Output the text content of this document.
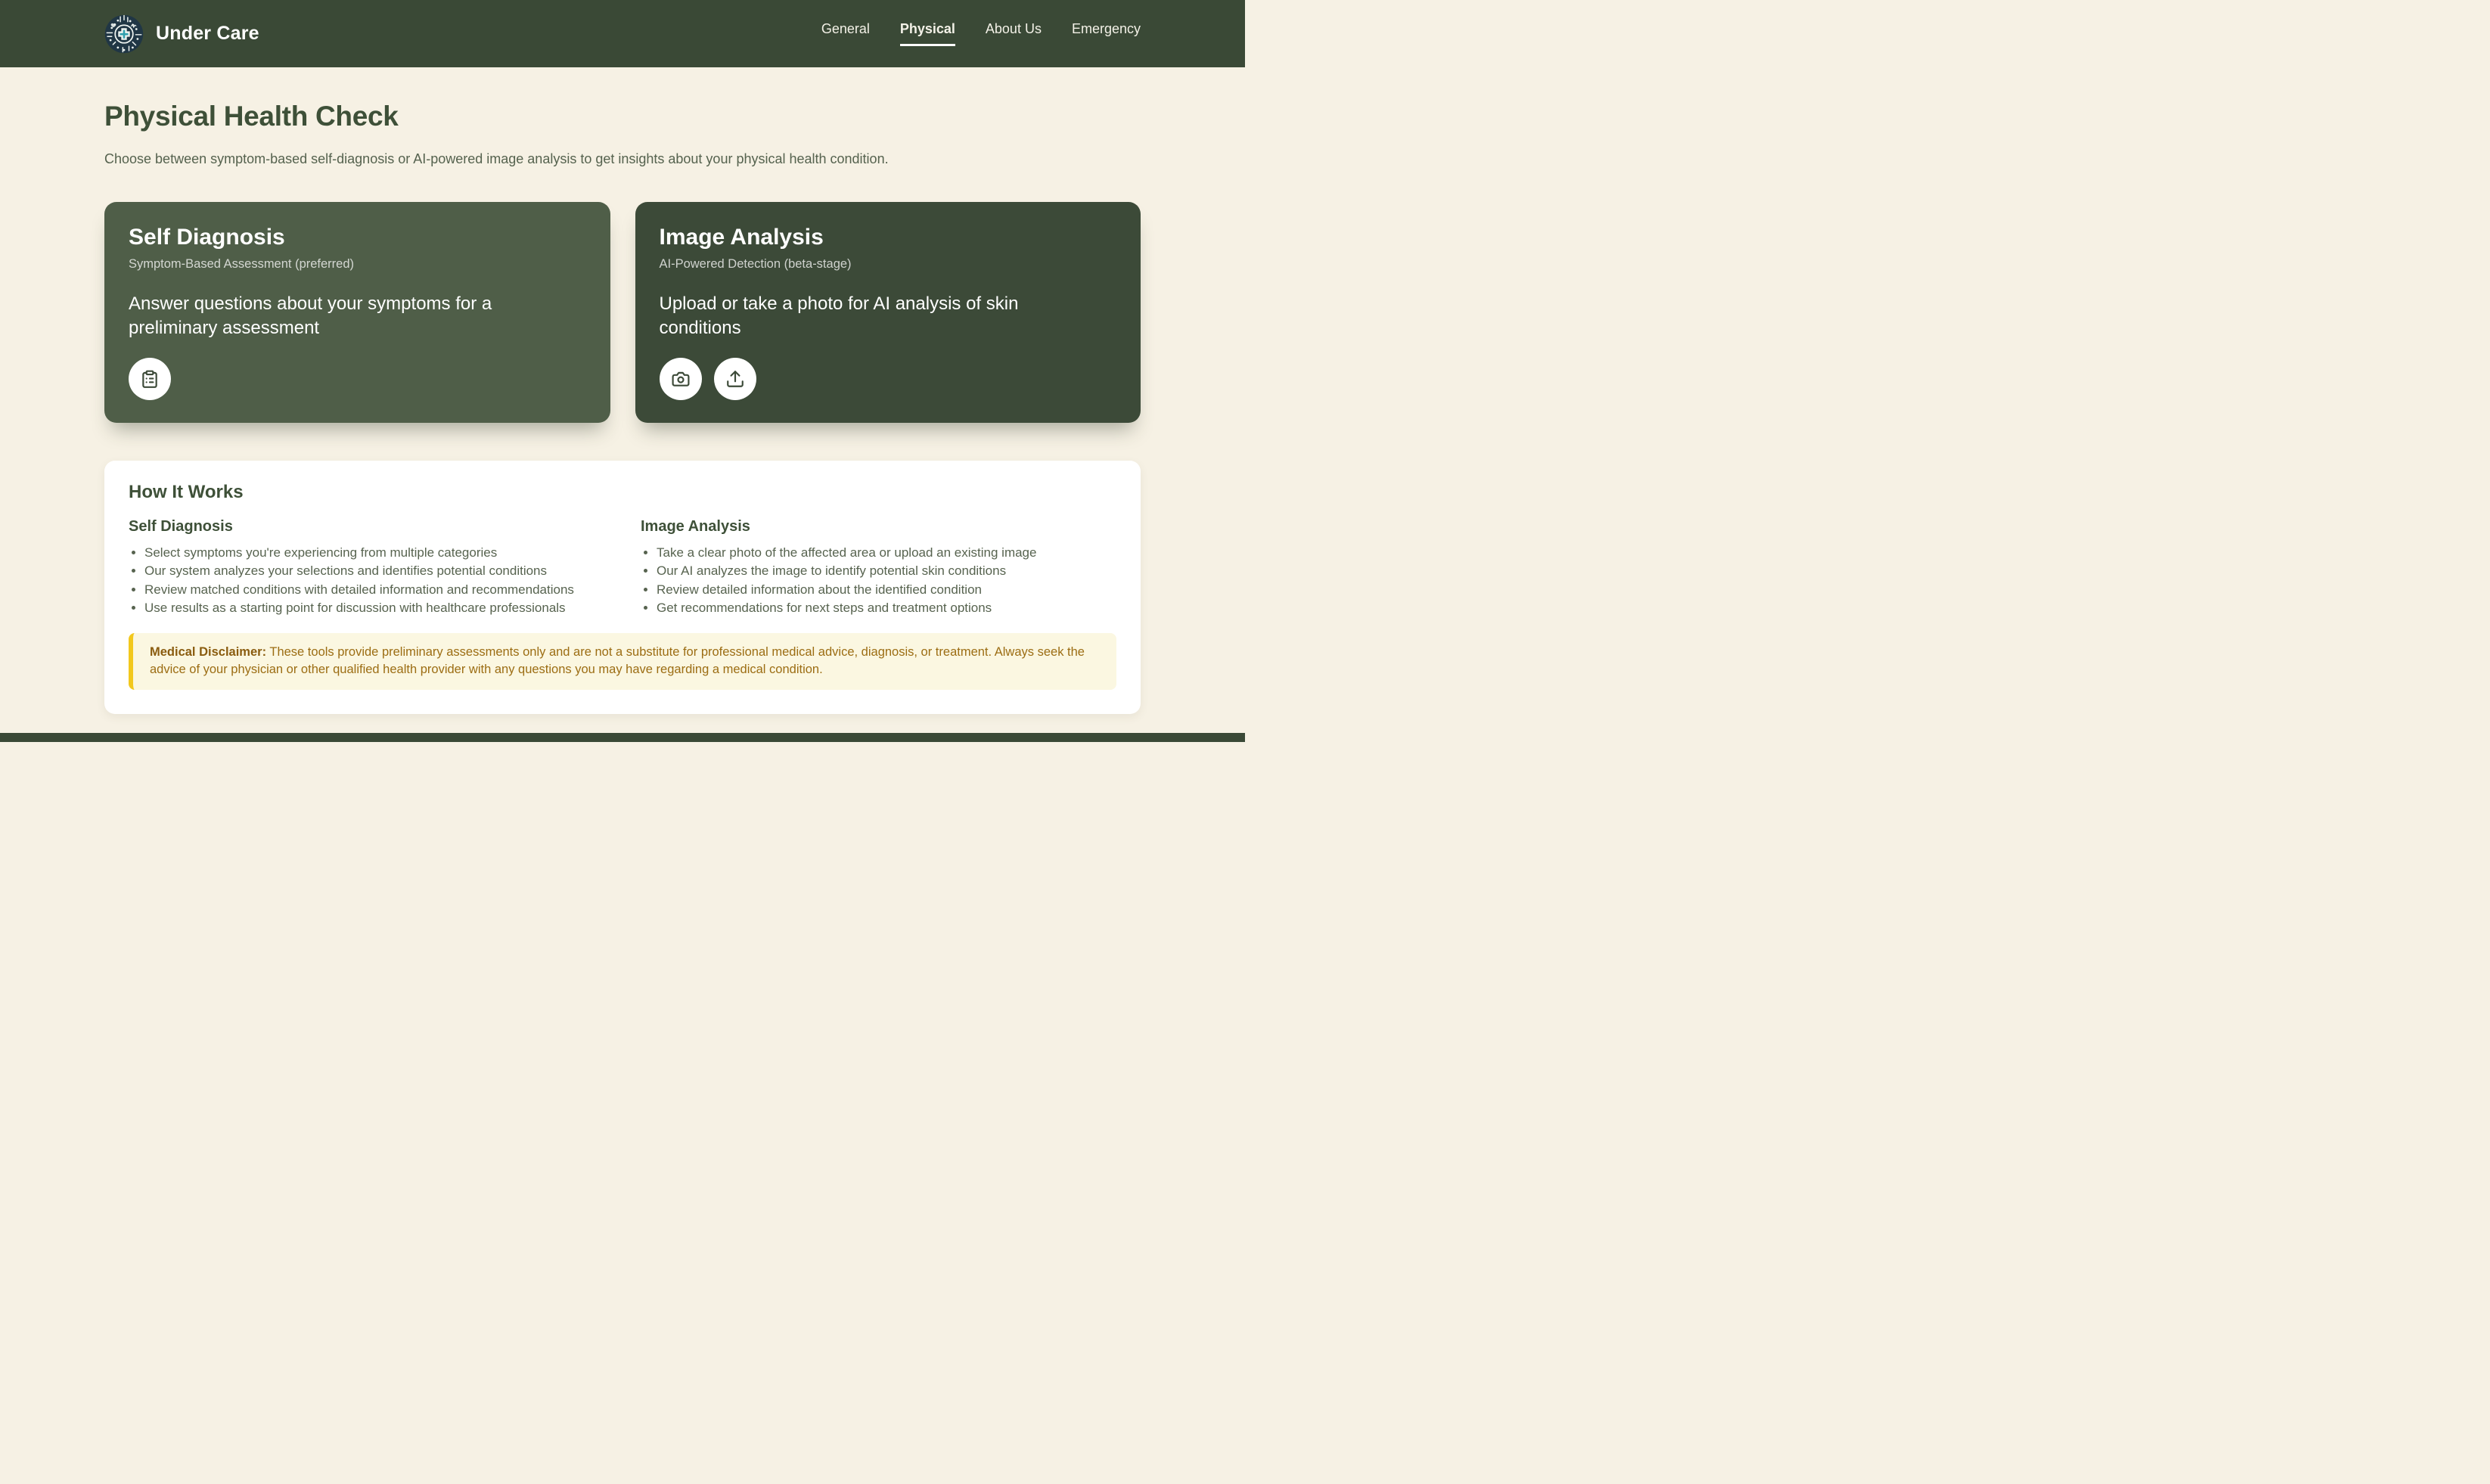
Under Care	General Physical About Us Emergency
Physical Health Check

Choose between symptom-based self-diagnosis or AI-powered image analysis to get insights about your physical health condition.

Self Diagnosis
Symptom-Based Assessment (preferred)

Answer questions about your symptoms for a preliminary assessment

Image Analysis
AI-Powered Detection (beta-stage)

Upload or take a photo for AI analysis of skin conditions

How It Works
Self Diagnosis
• Select symptoms you're experiencing from multiple categories
• Our system analyzes your selections and identifies potential conditions
• Review matched conditions with detailed information and recommendations
• Use results as a starting point for discussion with healthcare professionals
Image Analysis
• Take a clear photo of the affected area or upload an existing image
• Our AI analyzes the image to identify potential skin conditions
• Review detailed information about the identified condition
• Get recommendations for next steps and treatment options
Medical Disclaimer: These tools provide preliminary assessments only and are not a substitute for professional medical advice, diagnosis, or treatment. Always seek the advice of your physician or other qualified health provider with any questions you may have regarding a medical condition.
